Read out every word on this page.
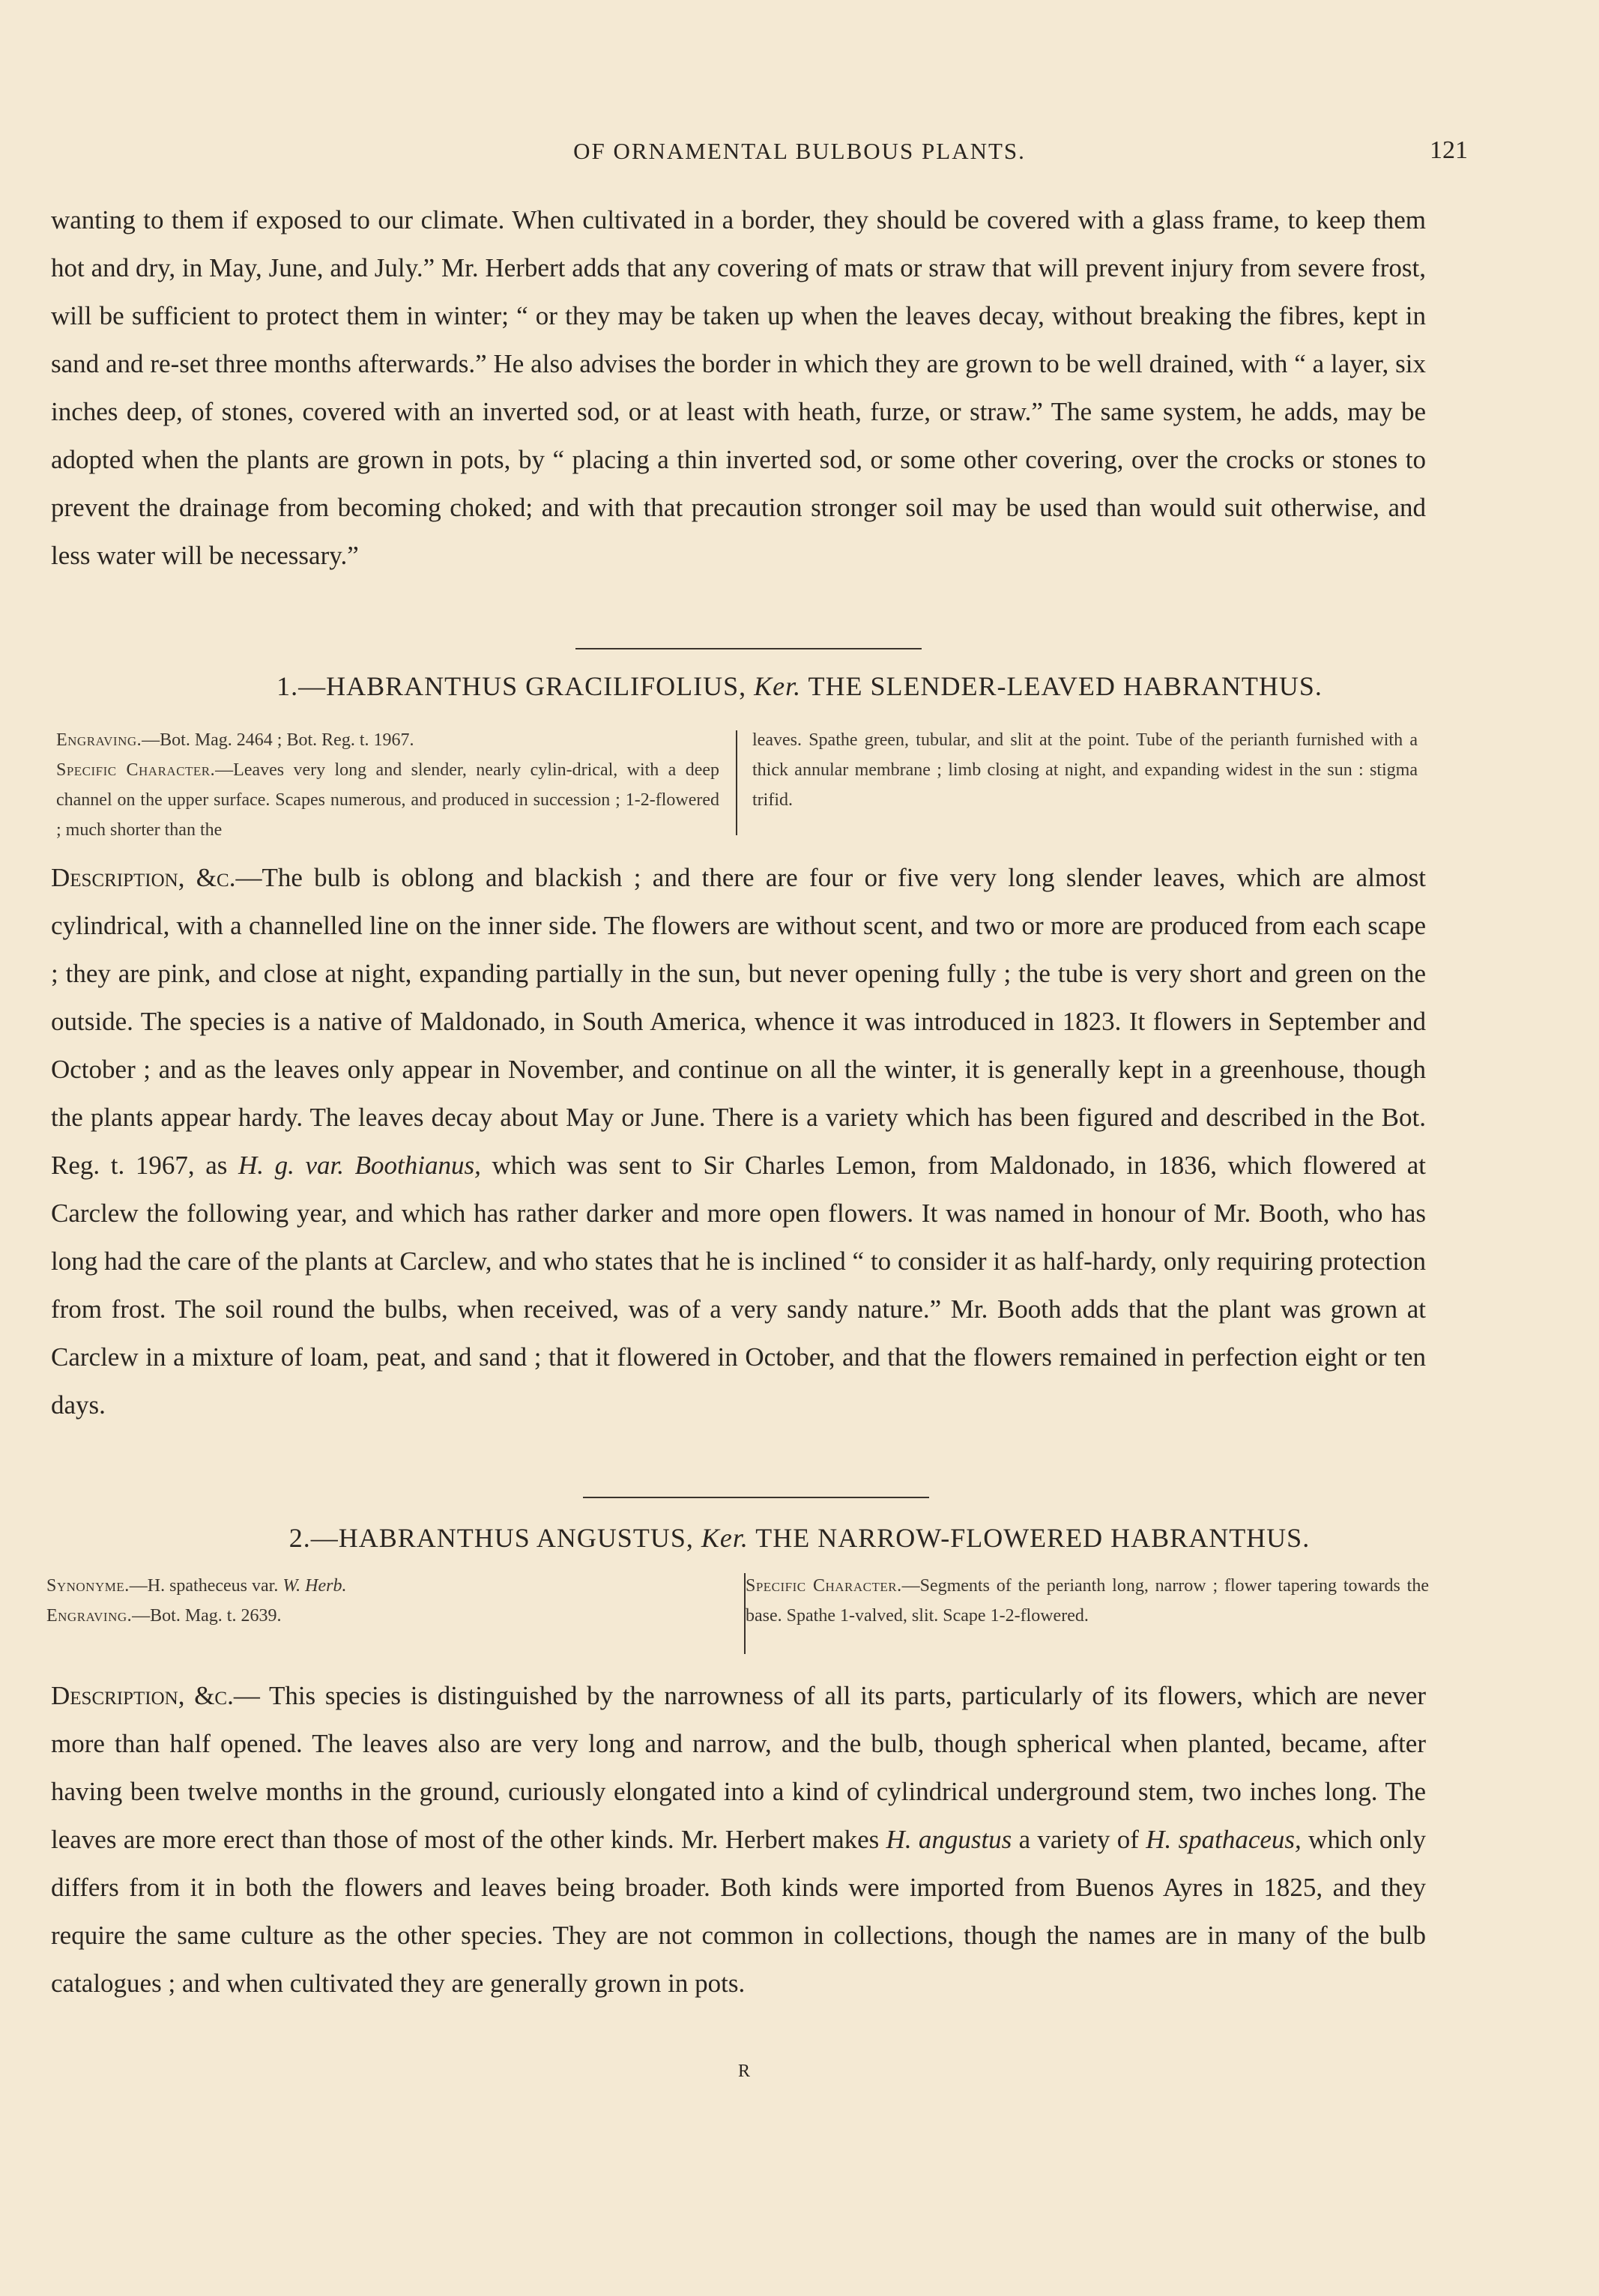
OF ORNAMENTAL BULBOUS PLANTS.	121

wanting to them if exposed to our climate. When cultivated in a border, they should be covered with a glass frame, to keep them hot and dry, in May, June, and July.” Mr. Herbert adds that any covering of mats or straw that will prevent injury from severe frost, will be sufficient to protect them in winter; “ or they may be taken up when the leaves decay, without breaking the fibres, kept in sand and re-set three months afterwards.” He also advises the border in which they are grown to be well drained, with “ a layer, six inches deep, of stones, covered with an inverted sod, or at least with heath, furze, or straw.” The same system, he adds, may be adopted when the plants are grown in pots, by “ placing a thin inverted sod, or some other covering, over the crocks or stones to prevent the drainage from becoming choked; and with that precaution stronger soil may be used than would suit otherwise, and less water will be necessary.”

1.—HABRANTHUS GRACILIFOLIUS, Ker. THE SLENDER-LEAVED HABRANTHUS.

Engraving.—Bot. Mag. 2464 ; Bot. Reg. t. 1967.
Specific Character.—Leaves very long and slender, nearly cylin-drical, with a deep channel on the upper surface. Scapes numerous, and produced in succession ; 1-2-flowered ; much shorter than the

leaves. Spathe green, tubular, and slit at the point. Tube of the perianth furnished with a thick annular membrane ; limb closing at night, and expanding widest in the sun : stigma trifid.

Description, &c.—The bulb is oblong and blackish ; and there are four or five very long slender leaves, which are almost cylindrical, with a channelled line on the inner side. The flowers are without scent, and two or more are produced from each scape ; they are pink, and close at night, expanding partially in the sun, but never opening fully ; the tube is very short and green on the outside. The species is a native of Maldonado, in South America, whence it was introduced in 1823. It flowers in September and October ; and as the leaves only appear in November, and continue on all the winter, it is generally kept in a greenhouse, though the plants appear hardy. The leaves decay about May or June. There is a variety which has been figured and described in the Bot. Reg. t. 1967, as H. g. var. Boothianus, which was sent to Sir Charles Lemon, from Maldonado, in 1836, which flowered at Carclew the following year, and which has rather darker and more open flowers. It was named in honour of Mr. Booth, who has long had the care of the plants at Carclew, and who states that he is inclined “ to consider it as half-hardy, only requiring protection from frost. The soil round the bulbs, when received, was of a very sandy nature.” Mr. Booth adds that the plant was grown at Carclew in a mixture of loam, peat, and sand ; that it flowered in October, and that the flowers remained in perfection eight or ten days.

2.—HABRANTHUS ANGUSTUS, Ker. THE NARROW-FLOWERED HABRANTHUS.

Synonyme.—H. spatheceus var. W. Herb.
Engraving.—Bot. Mag. t. 2639.

Specific Character.—Segments of the perianth long, narrow ; flower tapering towards the base. Spathe 1-valved, slit. Scape 1-2-flowered.

Description, &c.— This species is distinguished by the narrowness of all its parts, particularly of its flowers, which are never more than half opened. The leaves also are very long and narrow, and the bulb, though spherical when planted, became, after having been twelve months in the ground, curiously elongated into a kind of cylindrical underground stem, two inches long. The leaves are more erect than those of most of the other kinds. Mr. Herbert makes H. angustus a variety of H. spathaceus, which only differs from it in both the flowers and leaves being broader. Both kinds were imported from Buenos Ayres in 1825, and they require the same culture as the other species. They are not common in collections, though the names are in many of the bulb catalogues ; and when cultivated they are generally grown in pots.

R
